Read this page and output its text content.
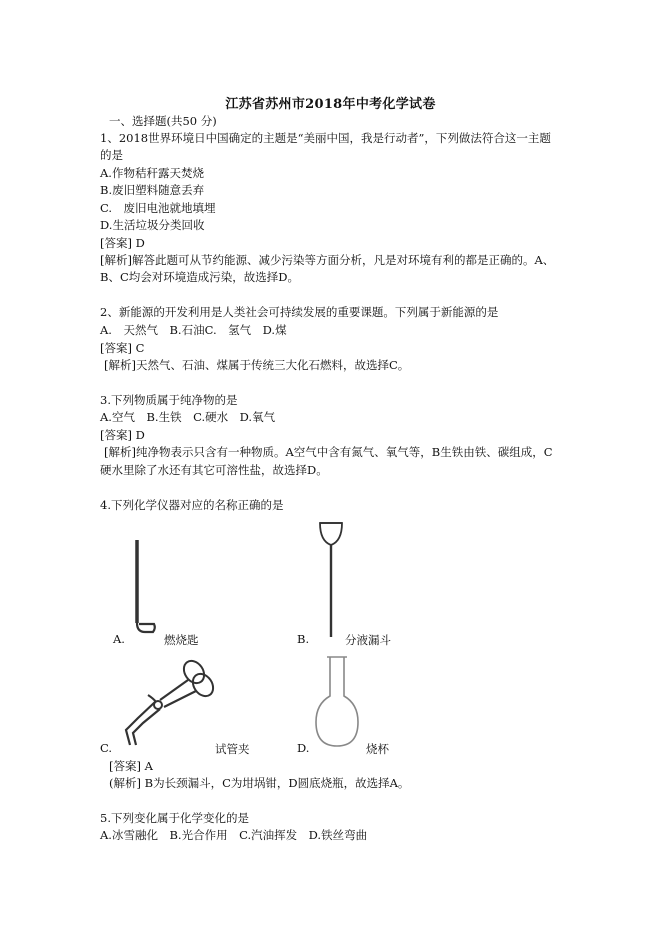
江苏省苏州市2018年中考化学试卷
一、选择题(共50 分)
1、2018世界环境日中国确定的主题是“美丽中国，我是行动者”，下列做法符合这一主题
的是
A.作物秸秆露天焚烧
B.废旧塑料随意丢弃
C.　废旧电池就地填埋
D.生活垃圾分类回收
[答案] D
[解析]解答此题可从节约能源、减少污染等方面分析，凡是对环境有利的都是正确的。A、
B、C均会对环境造成污染，故选择D。
2、新能源的开发利用是人类社会可持续发展的重要课题。下列属于新能源的是
A.　天然气　B.石油C.　氢气　D.煤
[答案] C
[解析]天然气、石油、煤属于传统三大化石燃料，故选择C。
3.下列物质属于纯净物的是
A.空气　B.生铁　C.硬水　D.氧气
[答案] D
[解析]纯净物表示只含有一种物质。A空气中含有氮气、氧气等，B生铁由铁、碳组成，C
硬水里除了水还有其它可溶性盐，故选择D。
4.下列化学仪器对应的名称正确的是
A.	燃烧匙	B.	分液漏斗
C.	试管夹	D.	烧杯
[答案] A
(解析] B为长颈漏斗，C为坩埚钳，D圆底烧瓶，故选择A。
5.下列变化属于化学变化的是
A.冰雪融化　B.光合作用　C.汽油挥发　D.铁丝弯曲
